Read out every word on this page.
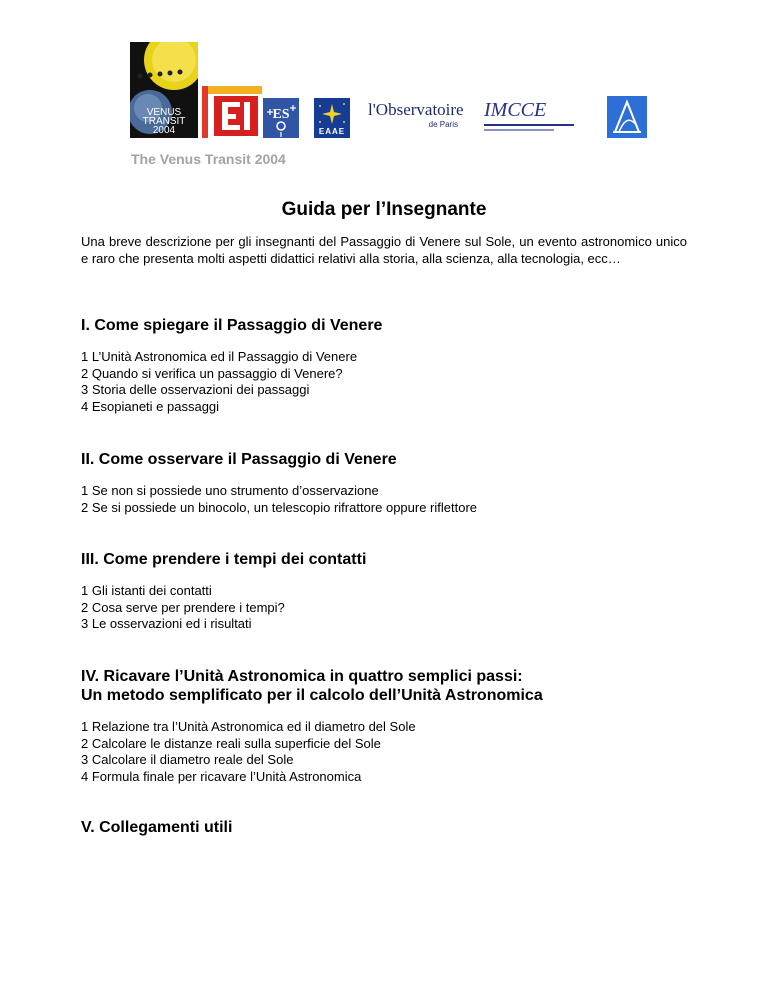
VENUS
TRANSIT
2004
ES
EAAE
l'Observatoire
de Paris
IMCCE

The Venus Transit 2004

Guida per l’Insegnante

Una breve descrizione per gli insegnanti del Passaggio di Venere sul Sole, un evento astronomico unico e raro che presenta molti aspetti didattici relativi alla storia, alla scienza, alla tecnologia, ecc…

I. Come spiegare il Passaggio di Venere
1 L’Unità Astronomica ed il Passaggio di Venere
2 Quando si verifica un passaggio di Venere?
3 Storia delle osservazioni dei passaggi
4 Esopianeti e passaggi
II. Come osservare il Passaggio di Venere
1 Se non si possiede uno strumento d’osservazione
2 Se si possiede un binocolo, un telescopio rifrattore oppure riflettore
III. Come prendere i tempi dei contatti
1 Gli istanti dei contatti
2 Cosa serve per prendere i tempi?
3 Le osservazioni ed i risultati
IV. Ricavare l’Unità Astronomica in quattro semplici passi:
Un metodo semplificato per il calcolo dell’Unità Astronomica
1 Relazione tra l’Unità Astronomica ed il diametro del Sole
2 Calcolare le distanze reali sulla superficie del Sole
3 Calcolare il diametro reale del Sole
4 Formula finale per ricavare l’Unità Astronomica
V. Collegamenti utili
